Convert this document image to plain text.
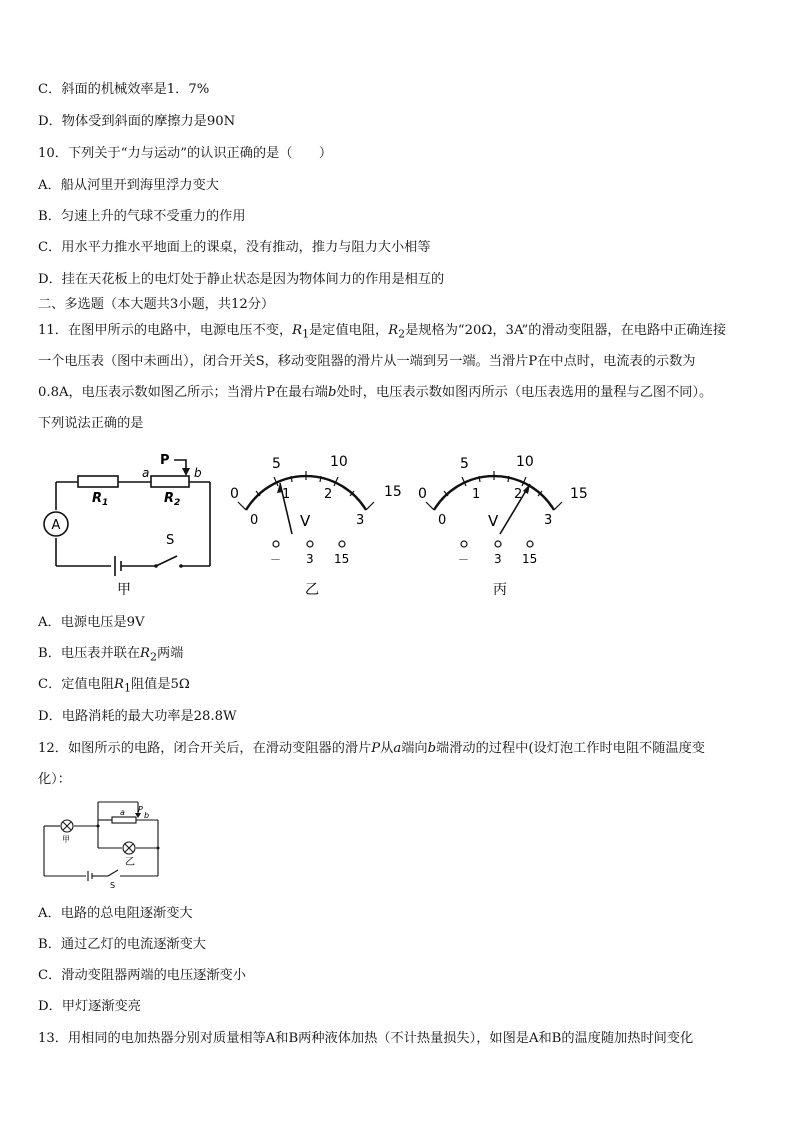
C．斜面的机械效率是1．7%
D．物体受到斜面的摩擦力是90N
10．下列关于“力与运动”的认识正确的是（　　）
A．船从河里开到海里浮力变大
B．匀速上升的气球不受重力的作用
C．用水平力推水平地面上的课桌，没有推动，推力与阻力大小相等
D．挂在天花板上的电灯处于静止状态是因为物体间力的作用是相互的
二、多选题（本大题共3小题，共12分）
11．在图甲所示的电路中，电源电压不变，$R_1$是定值电阻，$R_2$是规格为“20Ω，3A”的滑动变阻器，在电路中正确连接
一个电压表（图中未画出），闭合开关S，移动变阻器的滑片从一端到另一端。当滑片P在中点时，电流表的示数为
0.8A，电压表示数如图乙所示；当滑片P在最右端b处时，电压表示数如图丙所示（电压表选用的量程与乙图不同）。
下列说法正确的是
A
P
a	b
$R_1$	$R_2$
S
甲
0
5	10
15
0
1	2
3
V
－ 3 15
乙
0
5	10
15
0
1	2
3
V
－ 3 15
丙
A．电源电压是9V
B．电压表并联在$R_2$两端
C．定值电阻$R_1$阻值是5Ω
D．电路消耗的最大功率是28.8W
12．如图所示的电路，闭合开关后，在滑动变阻器的滑片P从a端向b端滑动的过程中(设灯泡工作时电阻不随温度变
化）：
甲
乙
a P
b
S
A．电路的总电阻逐渐变大
B．通过乙灯的电流逐渐变大
C．滑动变阻器两端的电压逐渐变小
D．甲灯逐渐变亮
13．用相同的电加热器分别对质量相等A和B两种液体加热（不计热量损失），如图是A和B的温度随加热时间变化
